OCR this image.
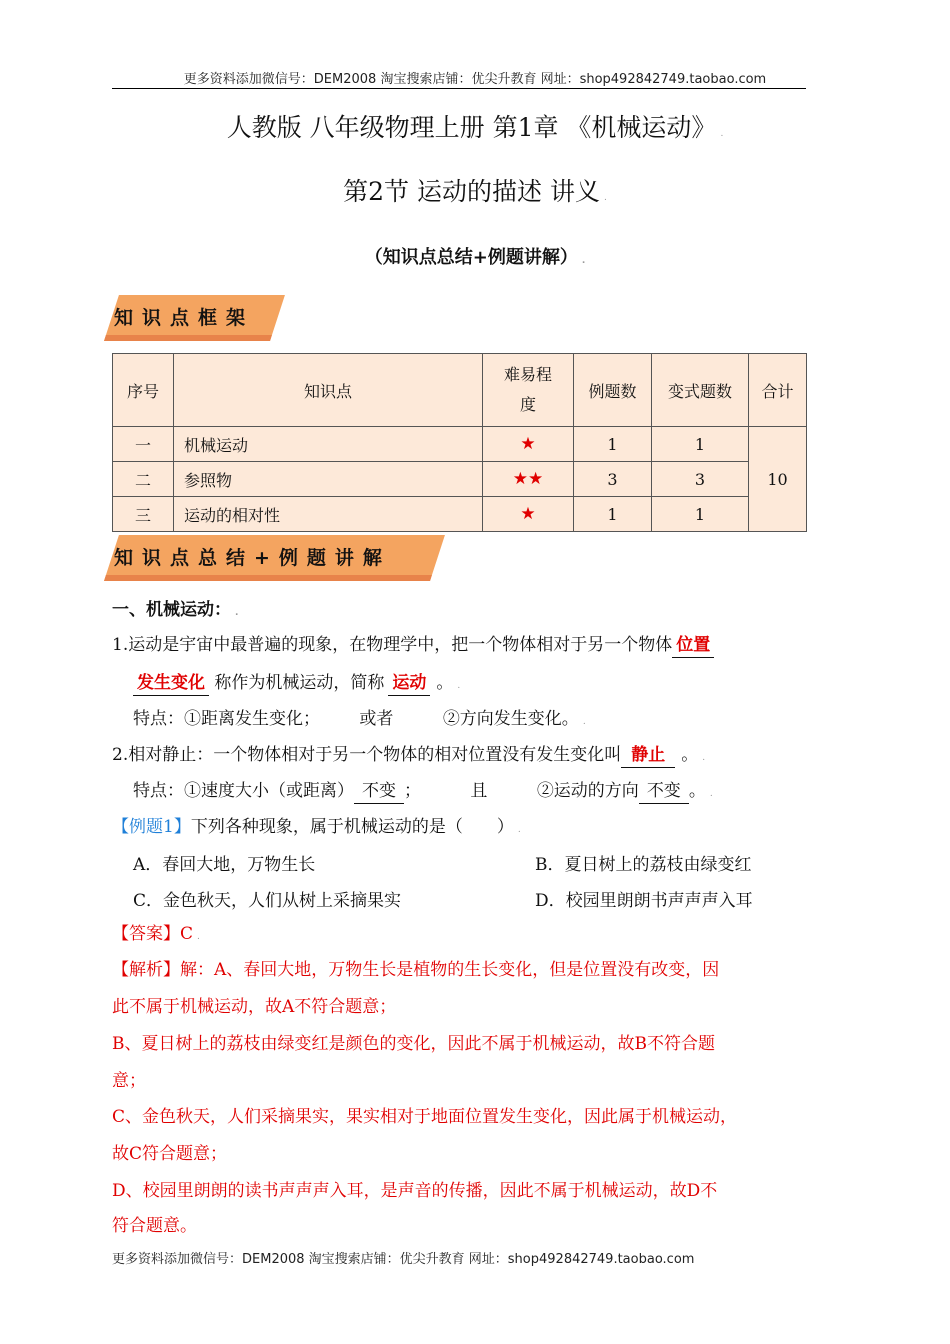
更多资料添加微信号：DEM2008 淘宝搜索店铺：优尖升教育 网址：shop492842749.taobao.com
人教版 八年级物理上册 第1章 《机械运动》 .
第2节 运动的描述 讲义 .
（知识点总结+例题讲解） .
知识点框架
序号	知识点	难易程度	例题数	变式题数	合计
一	机械运动	★	1	1	10
二	参照物	★★	3	3	
三	运动的相对性	★	1	1	
知识点总结+例题讲解
一、机械运动： .
1.运动是宇宙中最普遍的现象，在物理学中，把一个物体相对于另一个物体 位置
发生变化 称作为机械运动，简称 运动 。 .
特点：①距离发生变化； 或者	②方向发生变化。 .
2.相对静止：一个物体相对于另一个物体的相对位置没有发生变化叫 静止 。 .
特点：①速度大小（或距离） 不变 ；	且	②运动的方向 不变 。 .
【例题1】下列各种现象，属于机械运动的是（　　） .
A．春回大地，万物生长	B．夏日树上的荔枝由绿变红
C．金色秋天，人们从树上采摘果实	D．校园里朗朗书声声声入耳
【答案】C .
【解析】解：A、春回大地，万物生长是植物的生长变化，但是位置没有改变，因
此不属于机械运动，故A不符合题意；
B、夏日树上的荔枝由绿变红是颜色的变化，因此不属于机械运动，故B不符合题
意；
C、金色秋天，人们采摘果实，果实相对于地面位置发生变化，因此属于机械运动，
故C符合题意；
D、校园里朗朗的读书声声声入耳，是声音的传播，因此不属于机械运动，故D不
符合题意。
更多资料添加微信号：DEM2008 淘宝搜索店铺：优尖升教育 网址：shop492842749.taobao.com
